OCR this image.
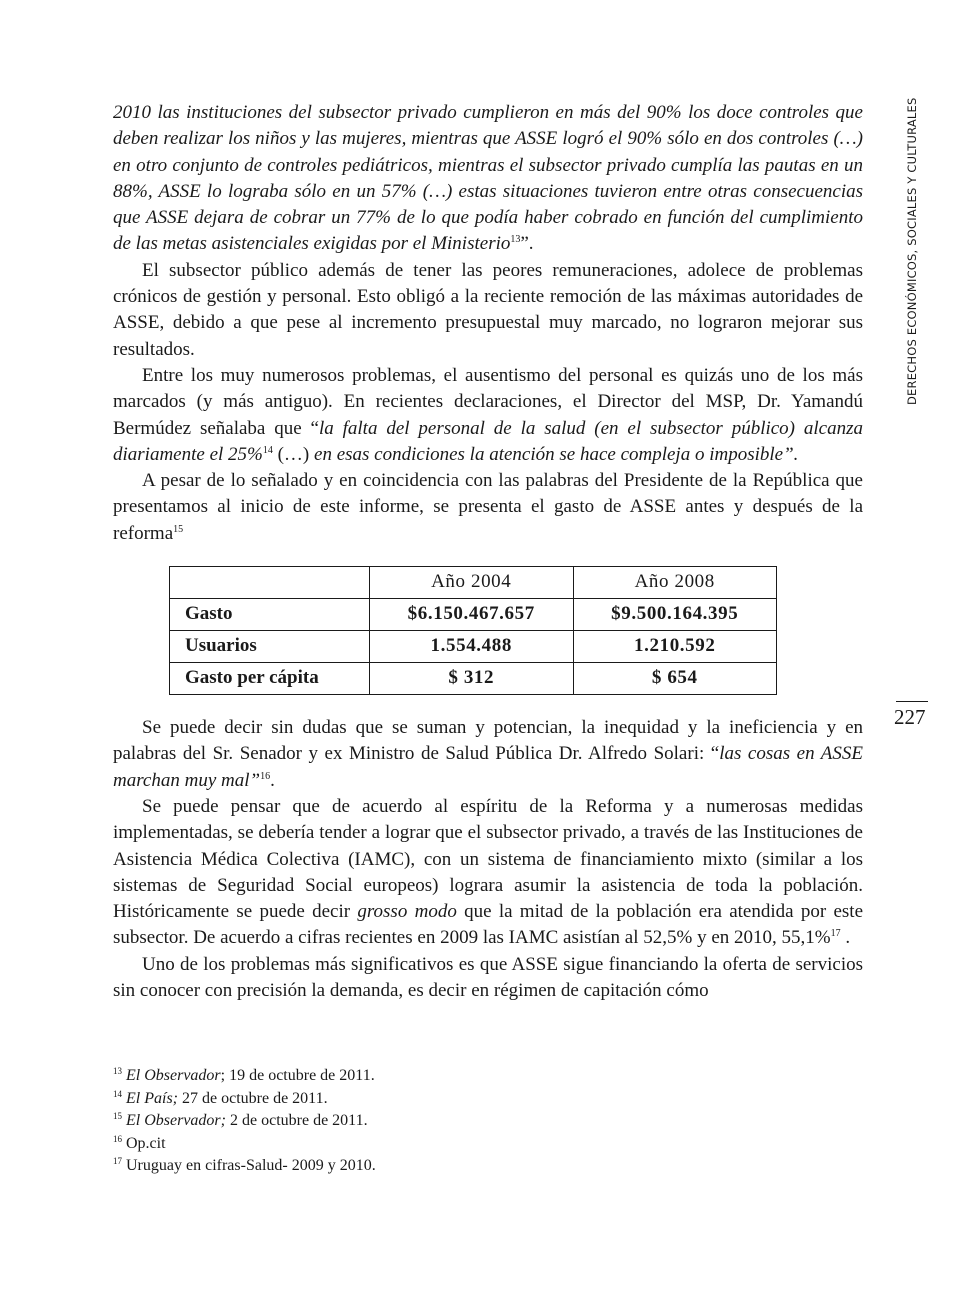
DERECHOS ECONÓMICOS, SOCIALES Y CULTURALES

2010 las instituciones del subsector privado cumplieron en más del 90% los doce controles que deben realizar los niños y las mujeres, mientras que ASSE logró el 90% sólo en dos controles (…) en otro conjunto de controles pediátricos, mientras el subsector privado cumplía las pautas en un 88%, ASSE lo lograba sólo en un 57% (…) estas situaciones tuvieron entre otras consecuencias que ASSE dejara de cobrar un 77% de lo que podía haber cobrado en función del cumplimiento de las metas asistenciales exigidas por el Ministerio$^{13}$”.

El subsector público además de tener las peores remuneraciones, adolece de problemas crónicos de gestión y personal. Esto obligó a la reciente remoción de las máximas autoridades de ASSE, debido a que pese al incremento presupuestal muy marcado, no lograron mejorar sus resultados.

Entre los muy numerosos problemas, el ausentismo del personal es quizás uno de los más marcados (y más antiguo). En recientes declaraciones, el Director del MSP, Dr. Yamandú Bermúdez señalaba que “la falta del personal de la salud (en el subsector público) alcanza diariamente el 25%$^{14}$ (…) en esas condiciones la atención se hace compleja o imposible”.

A pesar de lo señalado y en coincidencia con las palabras del Presidente de la República que presentamos al inicio de este informe, se presenta el gasto de ASSE antes y después de la reforma$^{15}$

	Año 2004	Año 2008
Gasto	$6.150.467.657	$9.500.164.395
Usuarios	1.554.488	1.210.592
Gasto per cápita	$ 312	$ 654

Se puede decir sin dudas que se suman y potencian, la inequidad y la ineficiencia y en palabras del Sr. Senador y ex Ministro de Salud Pública Dr. Alfredo Solari: “las cosas en ASSE marchan muy mal”$^{16}$.

Se puede pensar que de acuerdo al espíritu de la Reforma y a numerosas medidas implementadas, se debería tender a lograr que el subsector privado, a través de las Instituciones de Asistencia Médica Colectiva (IAMC), con un sistema de financiamiento mixto (similar a los sistemas de Seguridad Social europeos) lograra asumir la asistencia de toda la población. Históricamente se puede decir grosso modo que la mitad de la población era atendida por este subsector. De acuerdo a cifras recientes en 2009 las IAMC asistían al 52,5% y en 2010, 55,1%$^{17}$ .

Uno de los problemas más significativos es que ASSE sigue financiando la oferta de servicios sin conocer con precisión la demanda, es decir en régimen de capitación cómo

227

$^{13}$ El Observador; 19 de octubre de 2011.

$^{14}$ El País; 27 de octubre de 2011.

$^{15}$ El Observador; 2 de octubre de 2011.

$^{16}$ Op.cit

$^{17}$ Uruguay en cifras-Salud- 2009 y 2010.
